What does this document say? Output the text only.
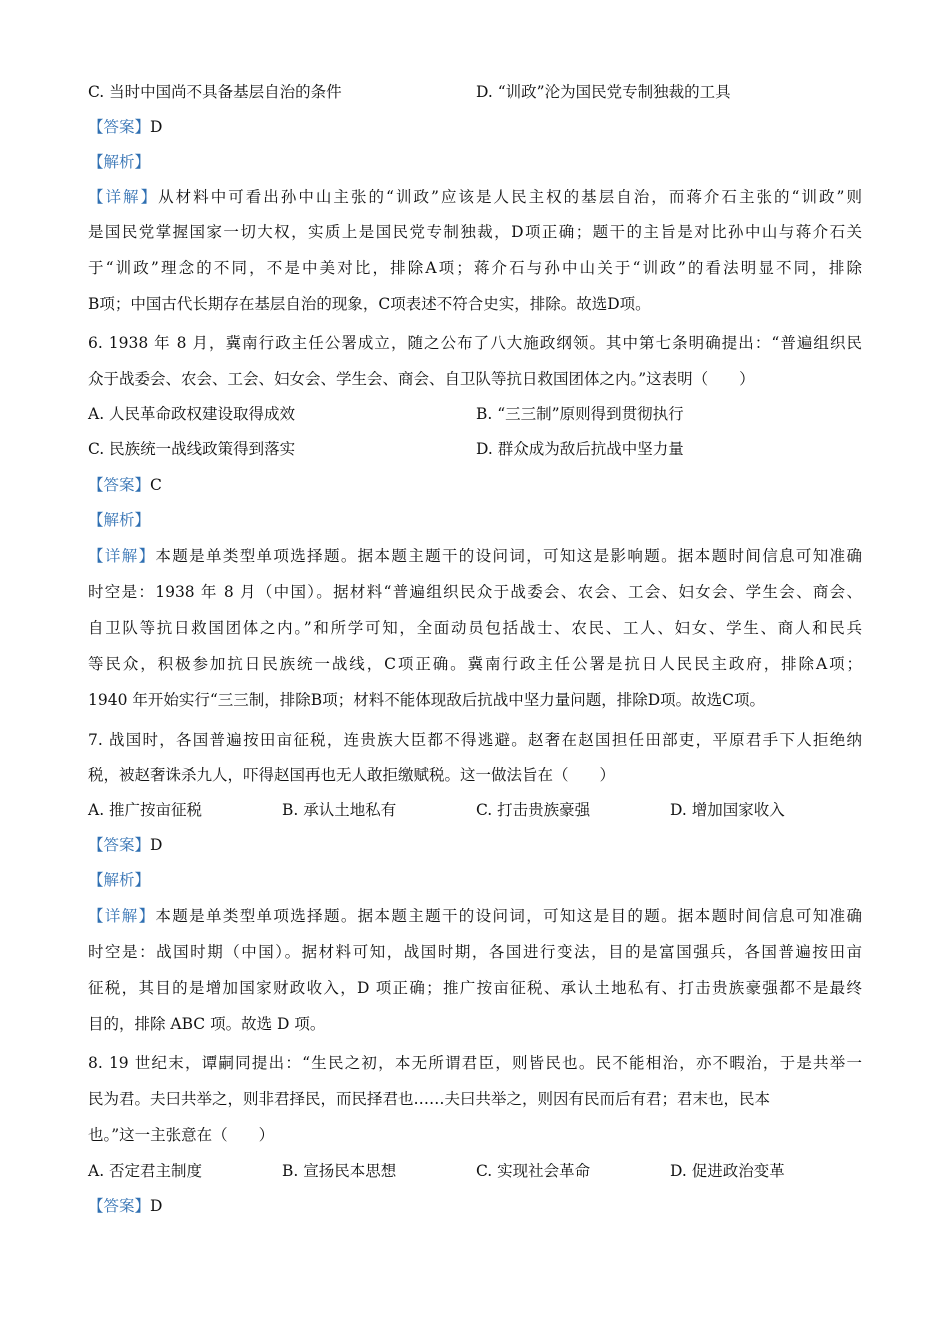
C. 当时中国尚不具备基层自治的条件	D. “训政”沦为国民党专制独裁的工具
【答案】D
【解析】
【详解】从材料中可看出孙中山主张的“训政”应该是人民主权的基层自治，而蒋介石主张的“训政”则
是国民党掌握国家一切大权，实质上是国民党专制独裁，D项正确；题干的主旨是对比孙中山与蒋介石关
于“训政”理念的不同，不是中美对比，排除A项；蒋介石与孙中山关于“训政”的看法明显不同，排除
B项；中国古代长期存在基层自治的现象，C项表述不符合史实，排除。故选D项。
6. 1938 年 8 月，冀南行政主任公署成立，随之公布了八大施政纲领。其中第七条明确提出：“普遍组织民
众于战委会、农会、工会、妇女会、学生会、商会、自卫队等抗日救国团体之内。”这表明（　　）
A. 人民革命政权建设取得成效	B. “三三制”原则得到贯彻执行
C. 民族统一战线政策得到落实	D. 群众成为敌后抗战中坚力量
【答案】C
【解析】
【详解】本题是单类型单项选择题。据本题主题干的设问词，可知这是影响题。据本题时间信息可知准确
时空是：1938 年 8 月（中国）。据材料“普遍组织民众于战委会、农会、工会、妇女会、学生会、商会、
自卫队等抗日救国团体之内。”和所学可知，全面动员包括战士、农民、工人、妇女、学生、商人和民兵
等民众，积极参加抗日民族统一战线，C项正确。冀南行政主任公署是抗日人民民主政府，排除A项；
1940 年开始实行“三三制，排除B项；材料不能体现敌后抗战中坚力量问题，排除D项。故选C项。
7. 战国时，各国普遍按田亩征税，连贵族大臣都不得逃避。赵奢在赵国担任田部吏，平原君手下人拒绝纳
税，被赵奢诛杀九人，吓得赵国再也无人敢拒缴赋税。这一做法旨在（　　）
A. 推广按亩征税	B. 承认土地私有	C. 打击贵族豪强	D. 增加国家收入
【答案】D
【解析】
【详解】本题是单类型单项选择题。据本题主题干的设问词，可知这是目的题。据本题时间信息可知准确
时空是：战国时期（中国）。据材料可知，战国时期，各国进行变法，目的是富国强兵，各国普遍按田亩
征税，其目的是增加国家财政收入，D 项正确；推广按亩征税、承认土地私有、打击贵族豪强都不是最终
目的，排除 ABC 项。故选 D 项。
8. 19 世纪末，谭嗣同提出：“生民之初，本无所谓君臣，则皆民也。民不能相治，亦不暇治，于是共举一
民为君。夫曰共举之，则非君择民，而民择君也……夫曰共举之，则因有民而后有君；君末也，民本
也。”这一主张意在（　　）
A. 否定君主制度	B. 宣扬民本思想	C. 实现社会革命	D. 促进政治变革
【答案】D
